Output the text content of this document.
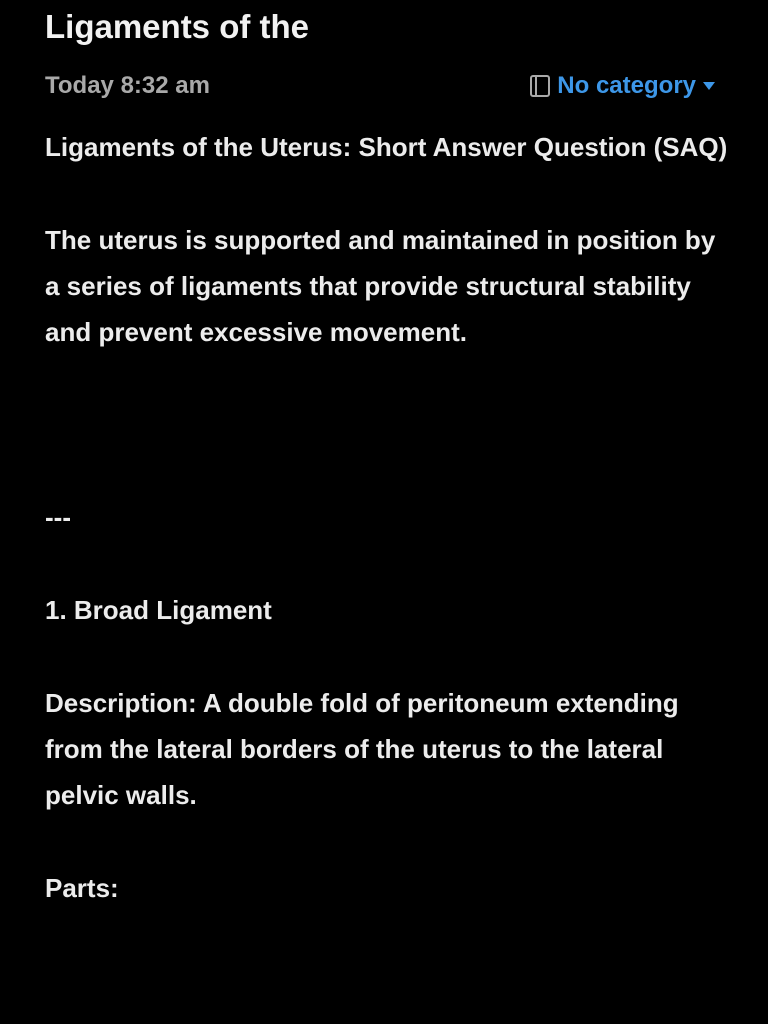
Ligaments of the
Today 8:32 am	No category

Ligaments of the Uterus: Short Answer Question (SAQ)

The uterus is supported and maintained in position by a series of ligaments that provide structural stability and prevent excessive movement.

---

1. Broad Ligament

Description: A double fold of peritoneum extending from the lateral borders of the uterus to the lateral pelvic walls.

Parts:
